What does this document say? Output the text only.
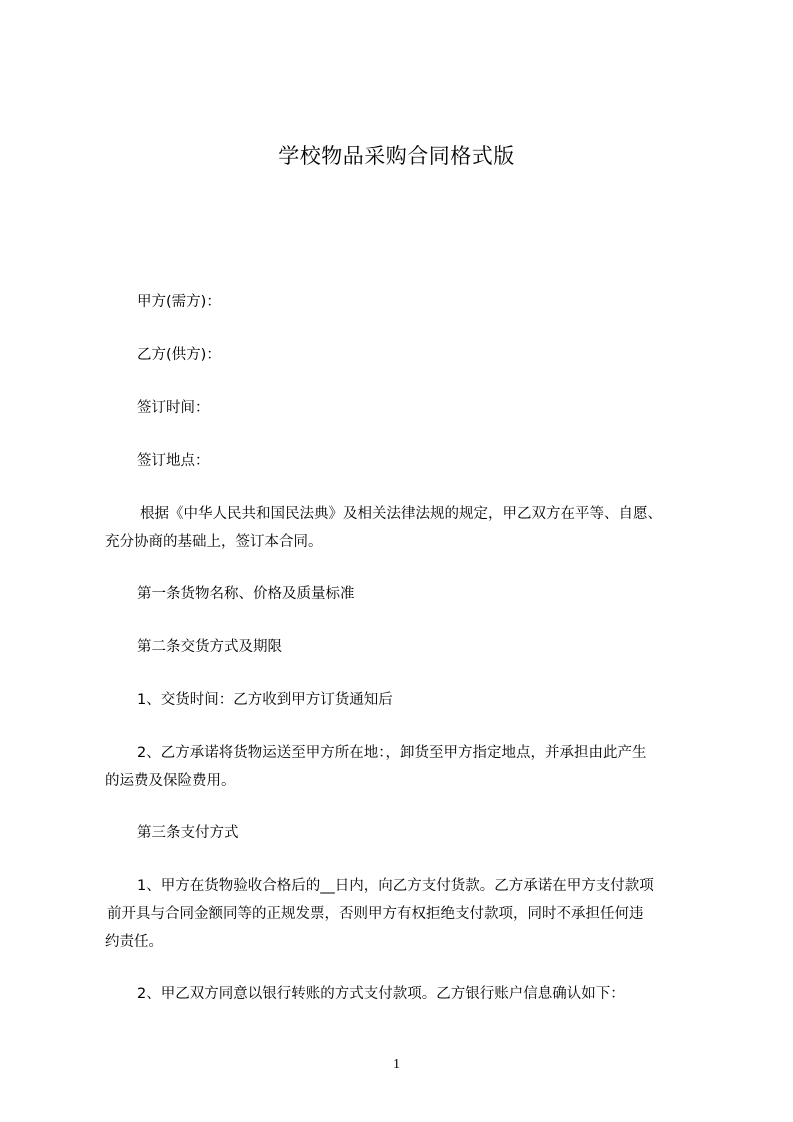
学校物品采购合同格式版
甲方(需方)：
乙方(供方)：
签订时间：
签订地点：
根据《中华人民共和国民法典》及相关法律法规的规定，甲乙双方在平等、自愿、
充分协商的基础上，签订本合同。
第一条货物名称、价格及质量标准
第二条交货方式及期限
1、交货时间：乙方收到甲方订货通知后
2、乙方承诺将货物运送至甲方所在地：，卸货至甲方指定地点，并承担由此产生
的运费及保险费用。
第三条支付方式
1、甲方在货物验收合格后的__日内，向乙方支付货款。乙方承诺在甲方支付款项
前开具与合同金额同等的正规发票，否则甲方有权拒绝支付款项，同时不承担任何违
约责任。
2、甲乙双方同意以银行转账的方式支付款项。乙方银行账户信息确认如下：
1
